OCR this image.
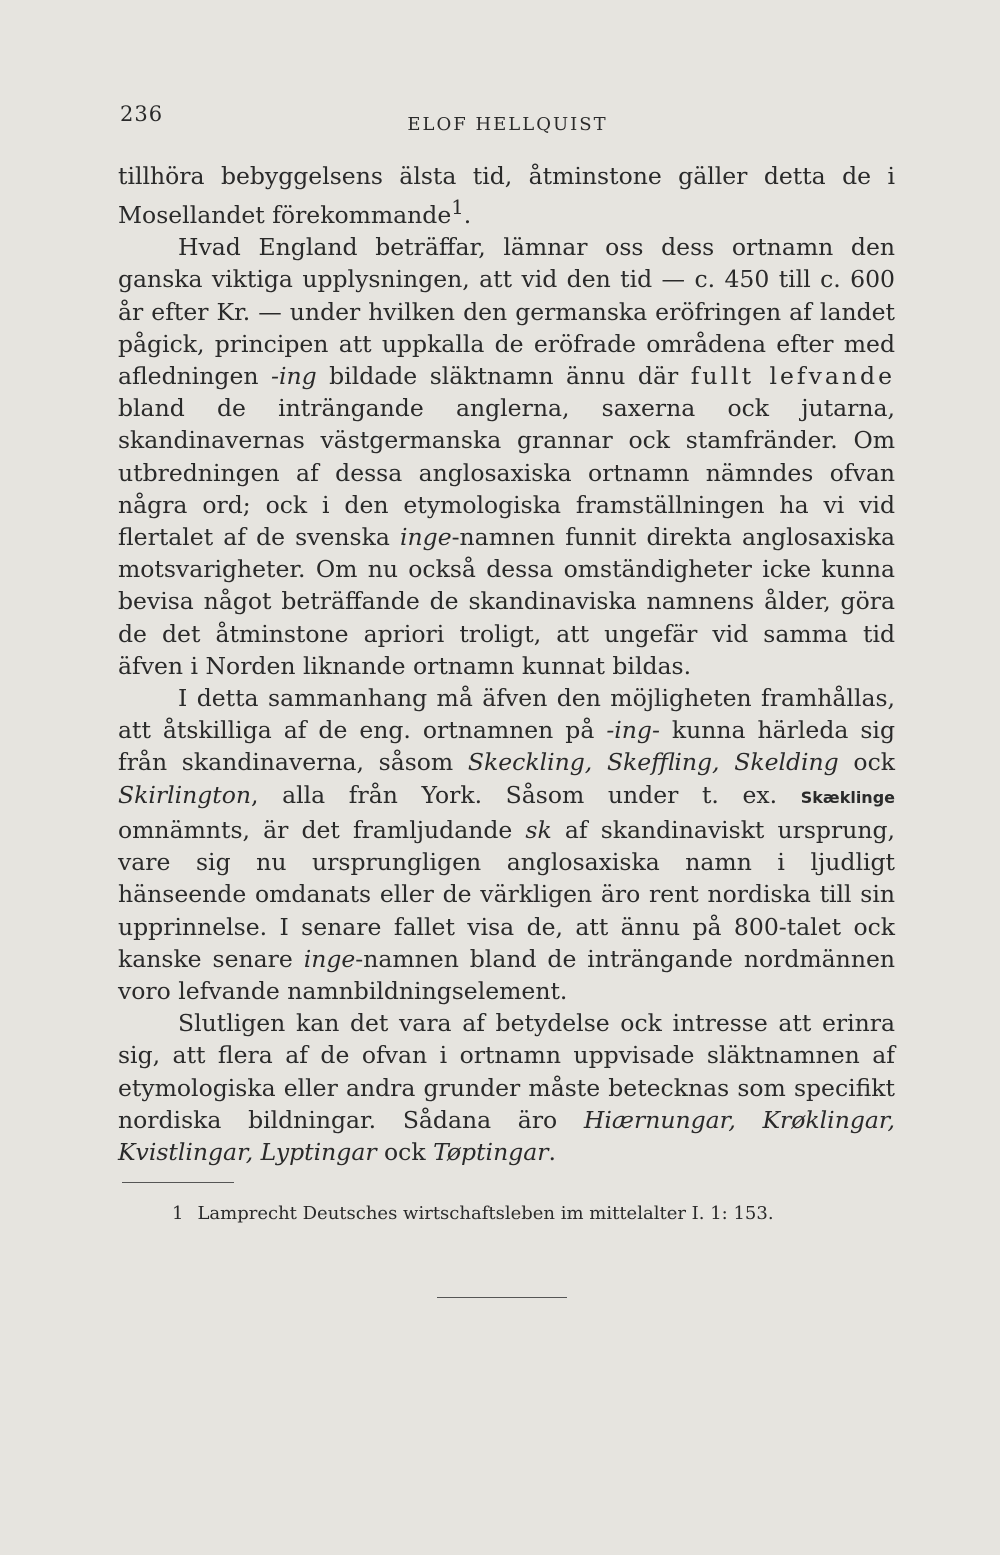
236	ELOF HELLQUIST

tillhöra bebyggelsens älsta tid, åtminstone gäller detta de i Mosellandet förekommande$^1$.

Hvad England beträffar, lämnar oss dess ortnamn den ganska viktiga upplysningen, att vid den tid — c. 450 till c. 600 år efter Kr. — under hvilken den germanska eröfringen af landet pågick, principen att uppkalla de eröfrade områdena efter med afledningen -ing bildade släktnamn ännu där fullt lefvande bland de inträngande anglerna, saxerna ock jutarna, skandinavernas västgermanska grannar ock stamfränder. Om utbredningen af dessa anglosaxiska ortnamn nämndes ofvan några ord; ock i den etymologiska framställningen ha vi vid flertalet af de svenska inge-namnen funnit direkta anglosaxiska motsvarigheter. Om nu också dessa omständigheter icke kunna bevisa något beträffande de skandinaviska namnens ålder, göra de det åtminstone apriori troligt, att ungefär vid samma tid äfven i Norden liknande ortnamn kunnat bildas.

I detta sammanhang må äfven den möjligheten framhållas, att åtskilliga af de eng. ortnamnen på -ing- kunna härleda sig från skandinaverna, såsom Skeckling, Skeffling, Skelding ock Skirlington, alla från York. Såsom under t. ex. Skæklinge omnämnts, är det framljudande sk af skandinaviskt ursprung, vare sig nu ursprungligen anglosaxiska namn i ljudligt hänseende omdanats eller de värkligen äro rent nordiska till sin upprinnelse. I senare fallet visa de, att ännu på 800-talet ock kanske senare inge-namnen bland de inträngande nordmännen voro lefvande namnbildningselement.

Slutligen kan det vara af betydelse ock intresse att erinra sig, att flera af de ofvan i ortnamn uppvisade släktnamnen af etymologiska eller andra grunder måste betecknas som specifikt nordiska bildningar. Sådana äro Hiærnungar, Krøklingar, Kvistlingar, Lyptingar ock Tøptingar.

1 Lamprecht Deutsches wirtschaftsleben im mittelalter I. 1: 153.
